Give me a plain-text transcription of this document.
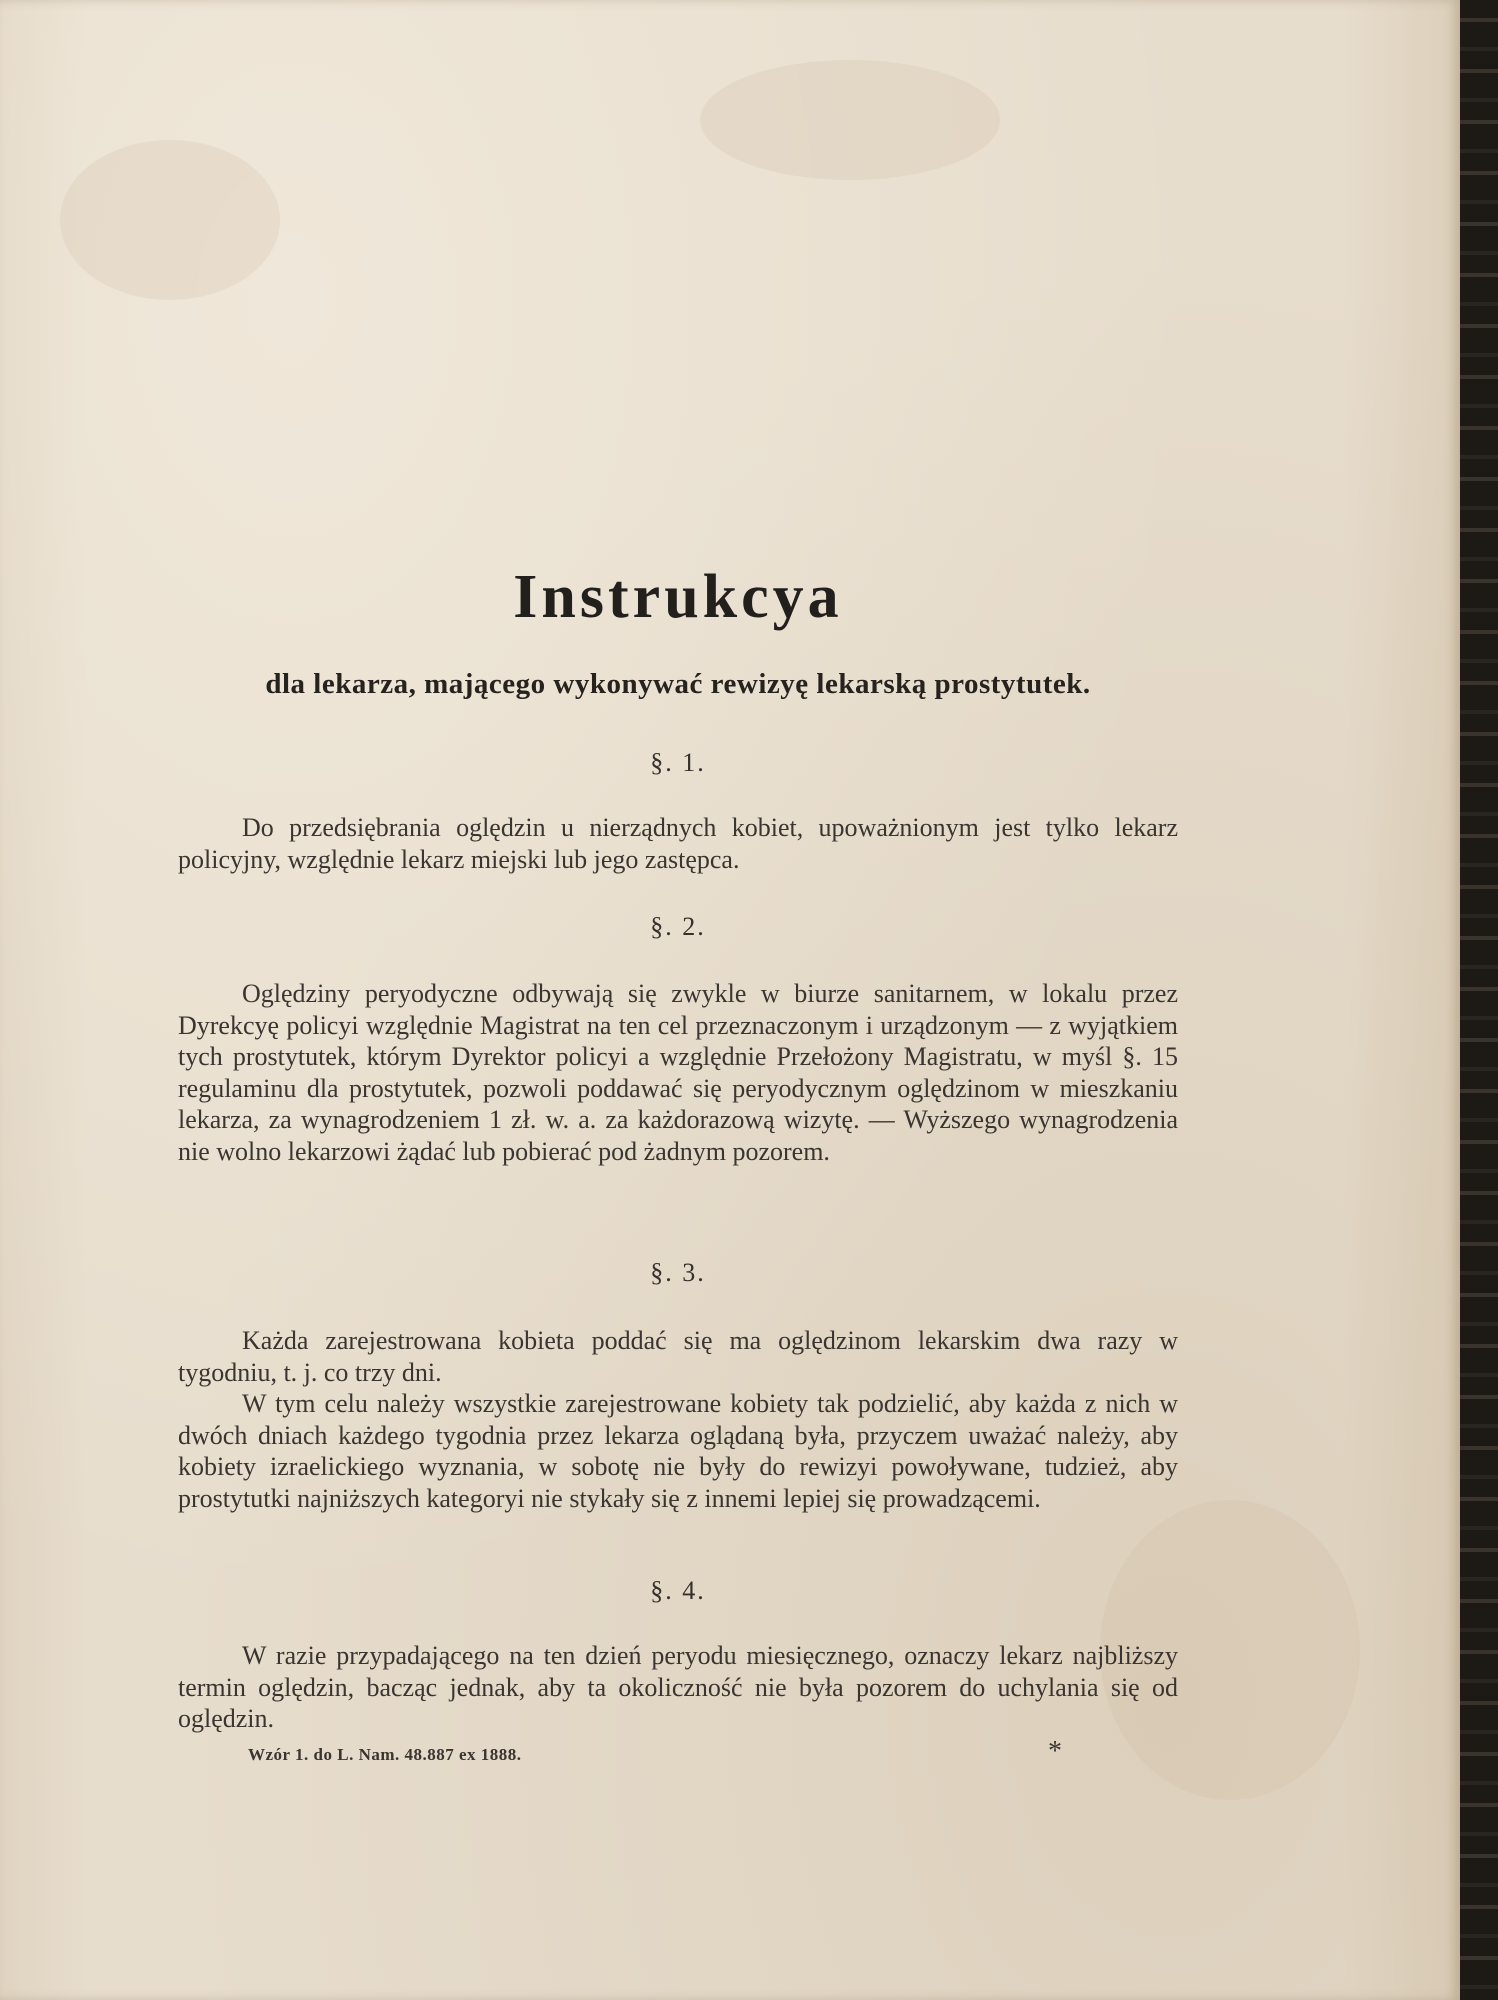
Instrukcya
dla lekarza, mającego wykonywać rewizyę lekarską prostytutek.
§. 1.

Do przedsiębrania oględzin u nierządnych kobiet, upoważnionym jest tylko lekarz policyjny, względnie lekarz miejski lub jego zastępca.

§. 2.

Oględziny peryodyczne odbywają się zwykle w biurze sanitarnem, w lokalu przez Dyrekcyę policyi względnie Magistrat na ten cel przeznaczonym i urządzonym — z wyjątkiem tych prostytutek, którym Dyrektor policyi a względnie Przełożony Magistratu, w myśl §. 15 regulaminu dla prostytutek, pozwoli poddawać się peryodycznym oględzinom w mieszkaniu lekarza, za wynagrodzeniem 1 zł. w. a. za każdorazową wizytę. — Wyższego wynagrodzenia nie wolno lekarzowi żądać lub pobierać pod żadnym pozorem.

§. 3.

Każda zarejestrowana kobieta poddać się ma oględzinom lekarskim dwa razy w tygodniu, t. j. co trzy dni.

W tym celu należy wszystkie zarejestrowane kobiety tak podzielić, aby każda z nich w dwóch dniach każdego tygodnia przez lekarza oglądaną była, przyczem uważać należy, aby kobiety izraelickiego wyznania, w sobotę nie były do rewizyi powoływane, tudzież, aby prostytutki najniższych kategoryi nie stykały się z innemi lepiej się prowadzącemi.

§. 4.

W razie przypadającego na ten dzień peryodu miesięcznego, oznaczy lekarz najbliższy termin oględzin, bacząc jednak, aby ta okoliczność nie była pozorem do uchylania się od oględzin.

Wzór 1. do L. Nam. 48.887 ex 1888.	*
